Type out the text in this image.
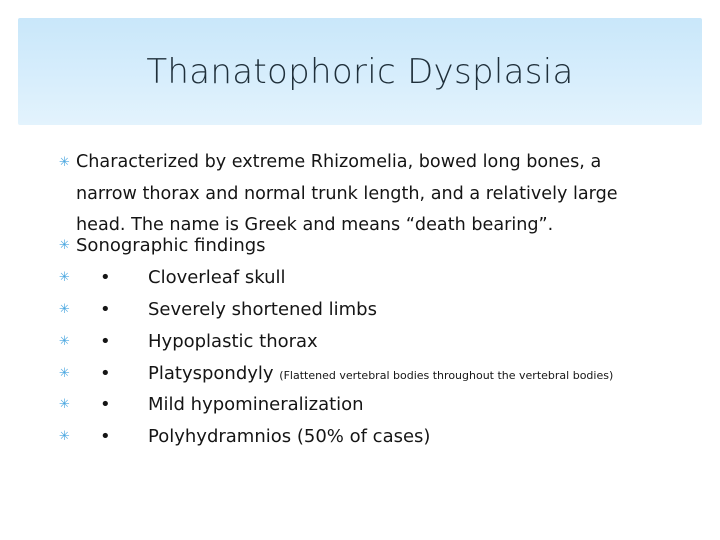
Thanatophoric Dysplasia
✳ Characterized by extreme Rhizomelia, bowed long bones, a narrow thorax and normal trunk length, and a relatively large head. The name is Greek and means “death bearing”.
✳ Sonographic findings
✳ • Cloverleaf skull
✳ • Severely shortened limbs
✳ • Hypoplastic thorax
✳ • Platyspondyly (Flattened vertebral bodies throughout the vertebral bodies)
✳ • Mild hypomineralization
✳ • Polyhydramnios (50% of cases)
